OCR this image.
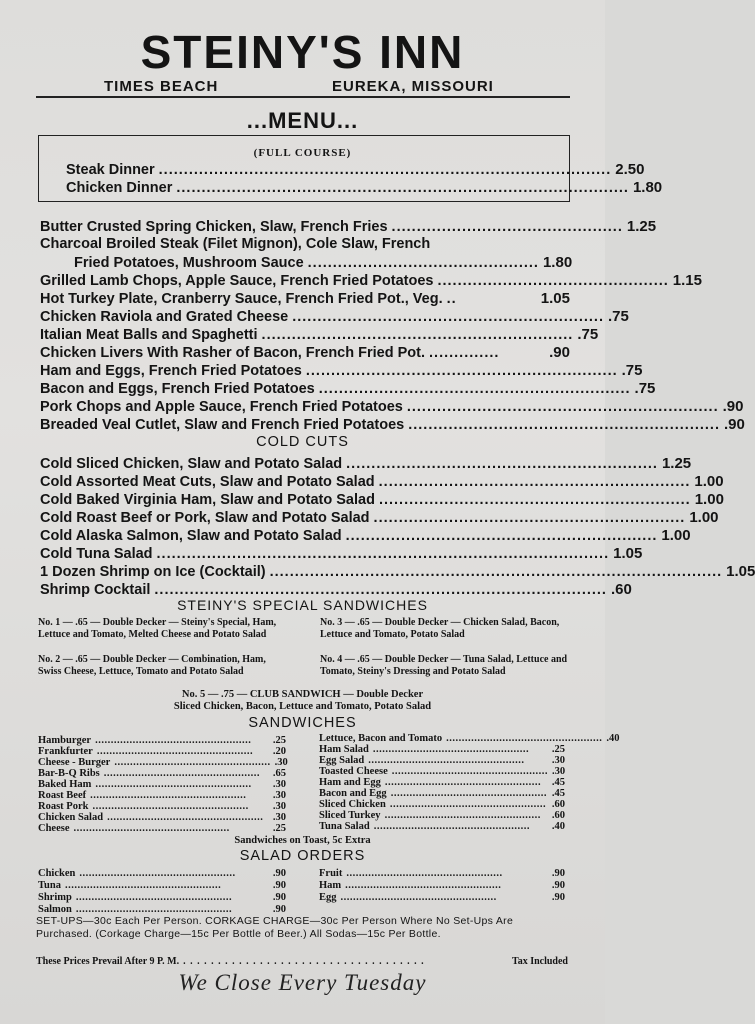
STEINY'S INN
TIMES BEACH	EUREKA, MISSOURI
...MENU...
(FULL COURSE)
Steak Dinner .......................................................................................... 2.50
Chicken Dinner .......................................................................................... 1.80
Butter Crusted Spring Chicken, Slaw, French Fries .............................................. 1.25
Charcoal Broiled Steak (Filet Mignon), Cole Slaw, French
Fried Potatoes, Mushroom Sauce .............................................. 1.80
Grilled Lamb Chops, Apple Sauce, French Fried Potatoes .............................................. 1.15
Hot Turkey Plate, Cranberry Sauce, French Fried Pot., Veg. ..	1.05
Chicken Raviola and Grated Cheese .............................................................. .75
Italian Meat Balls and Spaghetti .............................................................. .75
Chicken Livers With Rasher of Bacon, French Fried Pot. ..............	.90
Ham and Eggs, French Fried Potatoes .............................................................. .75
Bacon and Eggs, French Fried Potatoes .............................................................. .75
Pork Chops and Apple Sauce, French Fried Potatoes .............................................................. .90
Breaded Veal Cutlet, Slaw and French Fried Potatoes .............................................................. .90
COLD CUTS
Cold Sliced Chicken, Slaw and Potato Salad .............................................................. 1.25
Cold Assorted Meat Cuts, Slaw and Potato Salad .............................................................. 1.00
Cold Baked Virginia Ham, Slaw and Potato Salad .............................................................. 1.00
Cold Roast Beef or Pork, Slaw and Potato Salad .............................................................. 1.00
Cold Alaska Salmon, Slaw and Potato Salad .............................................................. 1.00
Cold Tuna Salad .......................................................................................... 1.05
1 Dozen Shrimp on Ice (Cocktail) .......................................................................................... 1.05
Shrimp Cocktail .......................................................................................... .60
STEINY'S SPECIAL SANDWICHES
No. 1 — .65 — Double Decker — Steiny's Special, Ham, Lettuce and Tomato, Melted Cheese and Potato Salad
No. 3 — .65 — Double Decker — Chicken Salad, Bacon, Lettuce and Tomato, Potato Salad
No. 2 — .65 — Double Decker — Combination, Ham, Swiss Cheese, Lettuce, Tomato and Potato Salad
No. 4 — .65 — Double Decker — Tuna Salad, Lettuce and Tomato, Steiny's Dressing and Potato Salad
No. 5 — .75 — CLUB SANDWICH — Double Decker
Sliced Chicken, Bacon, Lettuce and Tomato, Potato Salad
SANDWICHES
Hamburger ..................................................	.25
Frankfurter ..................................................	.20
Cheese - Burger .................................................. .30
Bar-B-Q Ribs ..................................................	.65
Baked Ham ..................................................	.30
Roast Beef ..................................................	.30
Roast Pork ..................................................	.30
Chicken Salad .................................................. .30
Cheese ..................................................	.25
Lettuce, Bacon and Tomato .................................................. .40
Ham Salad ..................................................	.25
Egg Salad ..................................................	.30
Toasted Cheese .................................................. .30
Ham and Egg ..................................................	.45
Bacon and Egg .................................................. .45
Sliced Chicken .................................................. .60
Sliced Turkey ..................................................	.60
Tuna Salad ..................................................	.40
Sandwiches on Toast, 5c Extra
SALAD ORDERS
Chicken ..................................................	.90
Tuna ..................................................	.90
Shrimp ..................................................	.90
Salmon ..................................................	.90
Fruit ..................................................	.90
Ham ..................................................	.90
Egg ..................................................	.90
SET-UPS—30c Each Per Person. CORKAGE CHARGE—30c Per Person Where No Set-Ups Are Purchased. (Corkage Charge—15c Per Bottle of Beer.) All Sodas—15c Per Bottle.
These Prices Prevail After 9 P. M. . . . . . . . . . . . . . . . . . . . . . . . . . . . . . . . . . . .	Tax Included
We Close Every Tuesday
